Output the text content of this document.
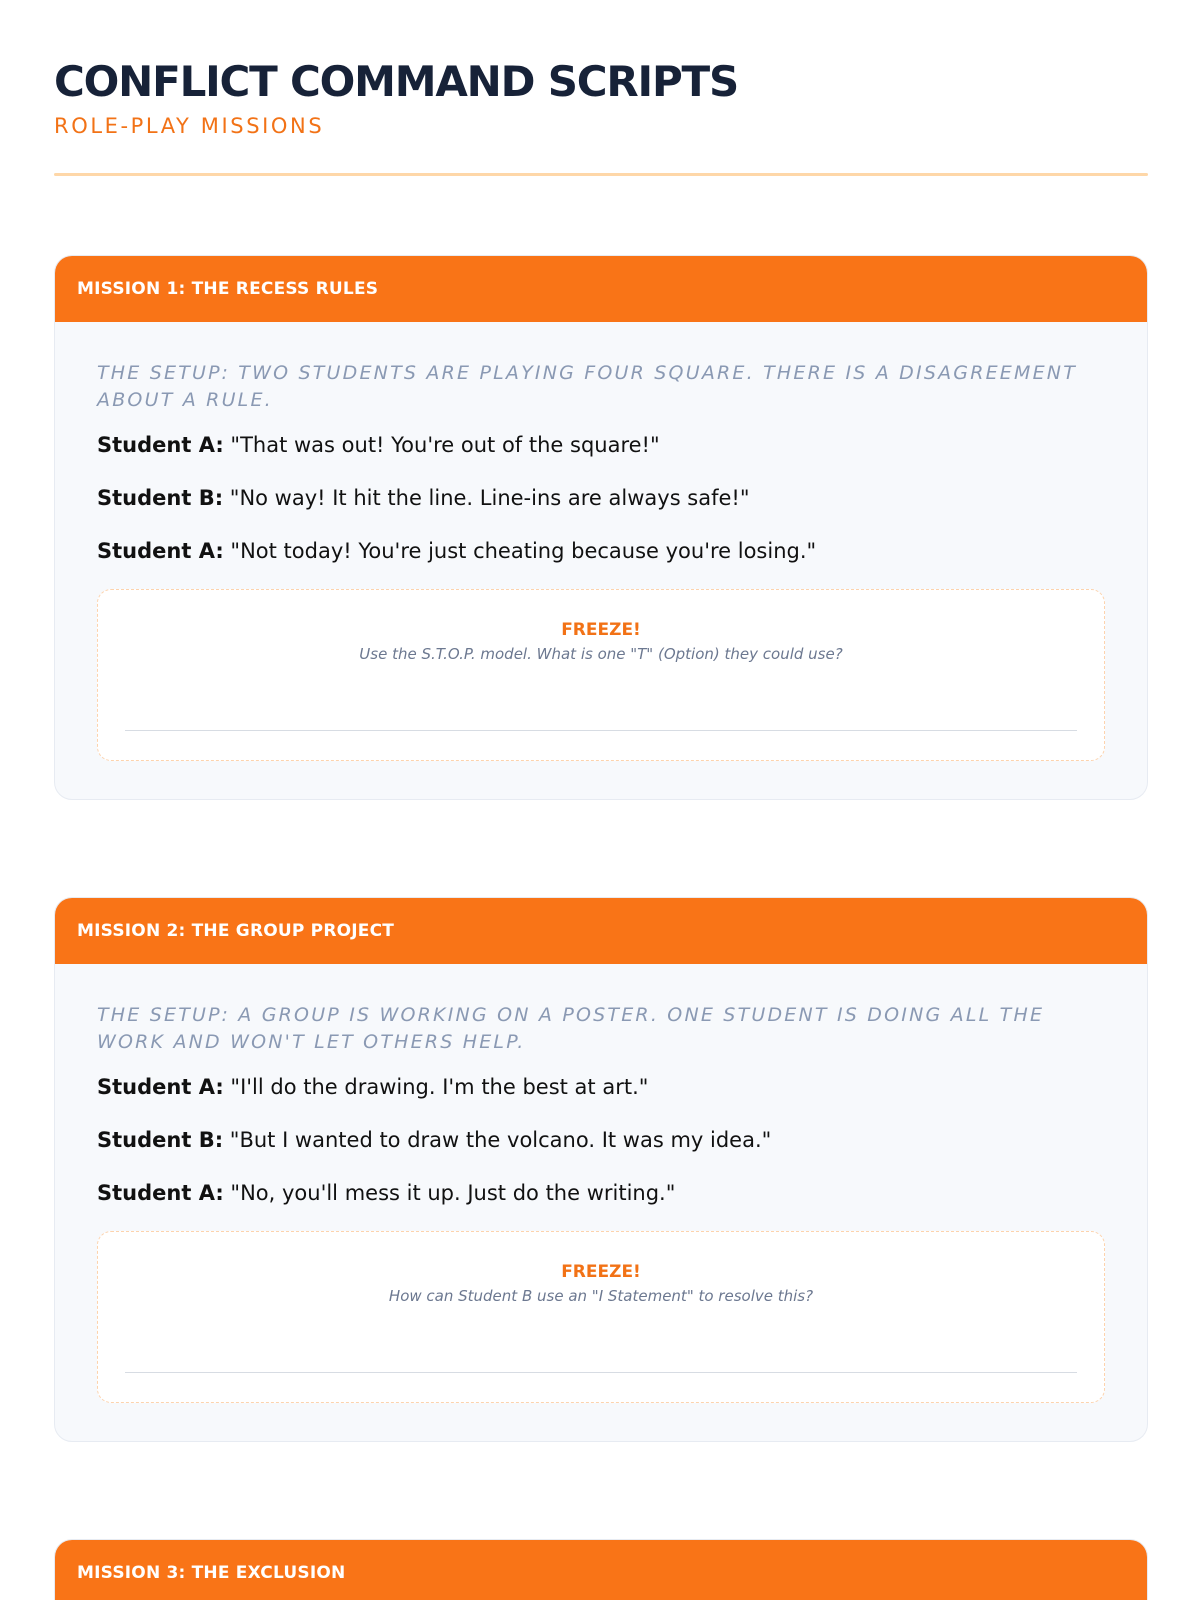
CONFLICT COMMAND SCRIPTS
ROLE-PLAY MISSIONS
MISSION 1: THE RECESS RULES

THE SETUP: TWO STUDENTS ARE PLAYING FOUR SQUARE. THERE IS A DISAGREEMENT ABOUT A RULE.

Student A: "That was out! You're out of the square!"

Student B: "No way! It hit the line. Line-ins are always safe!"

Student A: "Not today! You're just cheating because you're losing."

FREEZE!
Use the S.T.O.P. model. What is one "T" (Option) they could use?
MISSION 2: THE GROUP PROJECT

THE SETUP: A GROUP IS WORKING ON A POSTER. ONE STUDENT IS DOING ALL THE WORK AND WON'T LET OTHERS HELP.

Student A: "I'll do the drawing. I'm the best at art."

Student B: "But I wanted to draw the volcano. It was my idea."

Student A: "No, you'll mess it up. Just do the writing."

FREEZE!
How can Student B use an "I Statement" to resolve this?
MISSION 3: THE EXCLUSION
